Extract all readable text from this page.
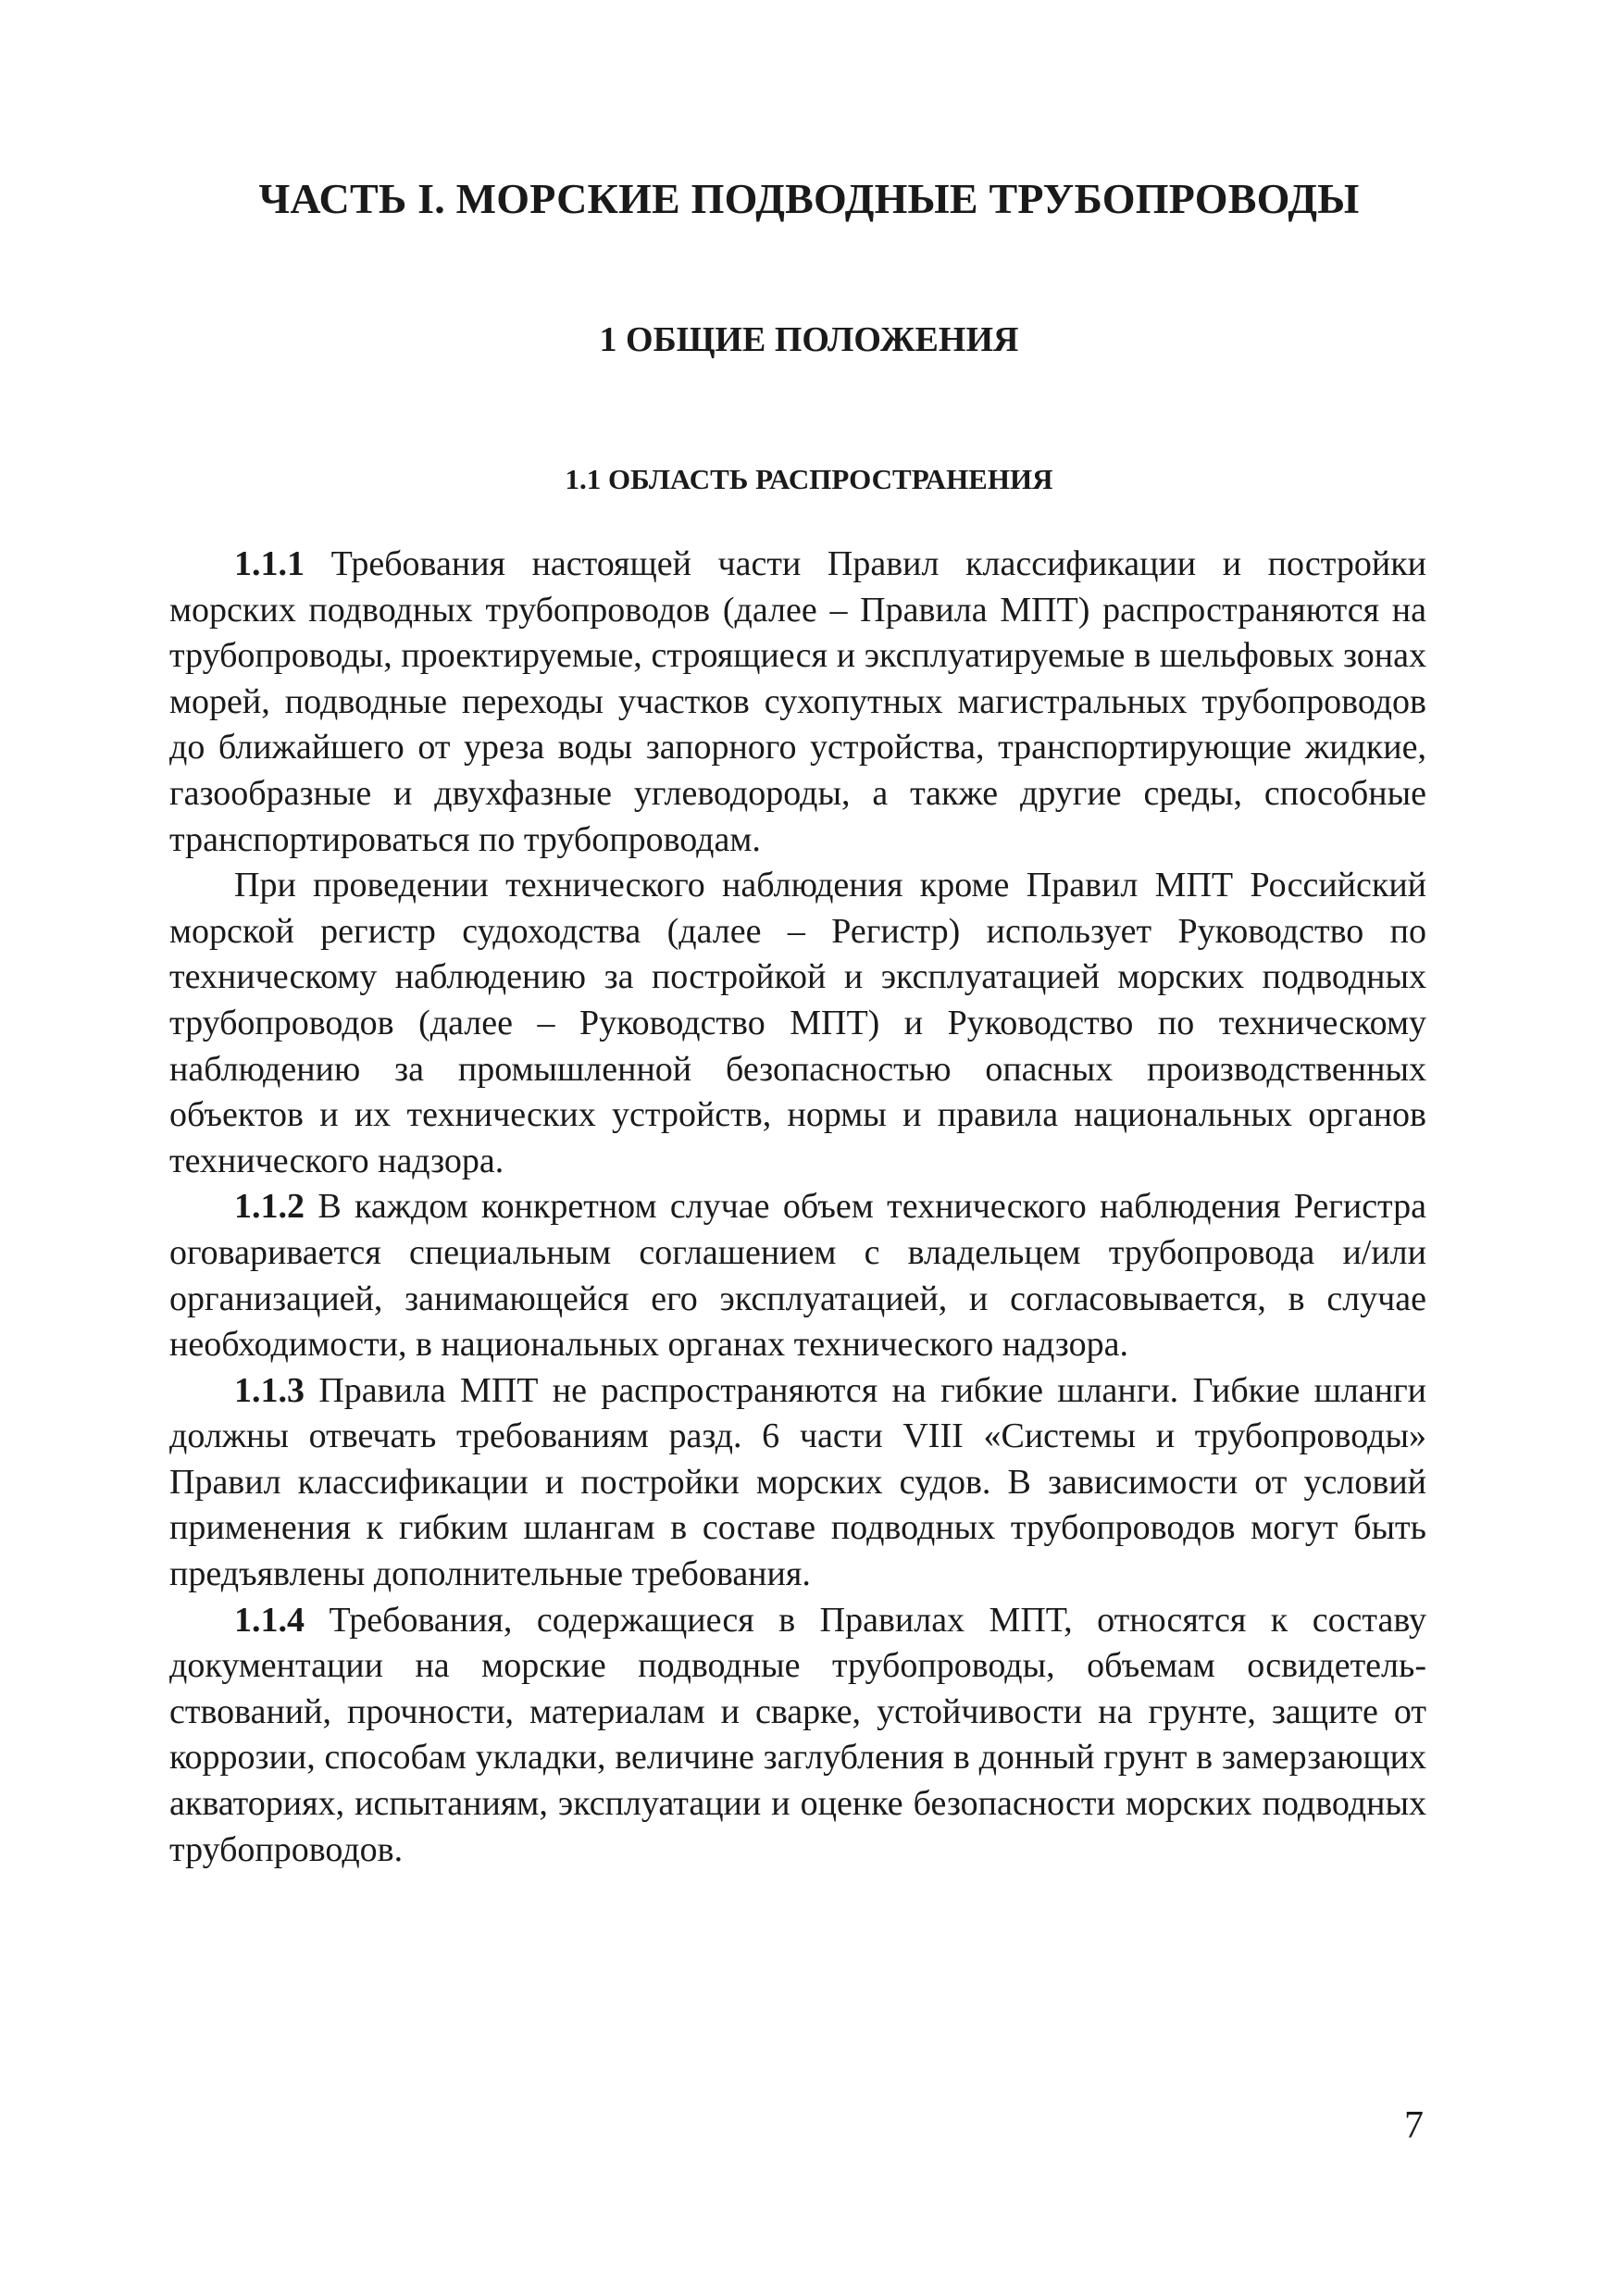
ЧАСТЬ I. МОРСКИЕ ПОДВОДНЫЕ ТРУБОПРОВОДЫ
1 ОБЩИЕ ПОЛОЖЕНИЯ
1.1 ОБЛАСТЬ РАСПРОСТРАНЕНИЯ

1.1.1 Требования настоящей части Правил классификации и постройки морских подводных трубопроводов (далее – Правила МПТ) распространяются на трубопроводы, проектируемые, строящиеся и эксплуатируемые в шельфовых зонах морей, подводные переходы участков сухопутных магистральных трубопроводов до ближайшего от уреза воды запорного устройства, транспортирующие жидкие, газообразные и двухфазные углеводороды, а также другие среды, способные транспортироваться по трубопроводам.

При проведении технического наблюдения кроме Правил МПТ Российский морской регистр судоходства (далее – Регистр) использует Руководство по техническому наблюдению за постройкой и эксплуатацией морских подводных трубопроводов (далее – Руководство МПТ) и Руководство по техническому наблюдению за промышленной безопасностью опасных производственных объектов и их технических устройств, нормы и правила национальных органов технического надзора.

1.1.2 В каждом конкретном случае объем технического наблюдения Регистра оговаривается специальным соглашением с владельцем трубопровода и/или организацией, занимающейся его эксплуатацией, и согласовывается, в случае необходимости, в национальных органах технического надзора.

1.1.3 Правила МПТ не распространяются на гибкие шланги. Гибкие шланги должны отвечать требованиям разд. 6 части VIII «Системы и трубопроводы» Правил классификации и постройки морских судов. В зависимости от условий применения к гибким шлангам в составе подводных трубопроводов могут быть предъявлены дополнительные требования.

1.1.4 Требования, содержащиеся в Правилах МПТ, относятся к составу документации на морские подводные трубопроводы, объемам освидетельствований, прочности, материалам и сварке, устойчивости на грунте, защите от коррозии, способам укладки, величине заглубления в донный грунт в замерзающих акваториях, испытаниям, эксплуатации и оценке безопасности морских подводных трубопроводов.

7
